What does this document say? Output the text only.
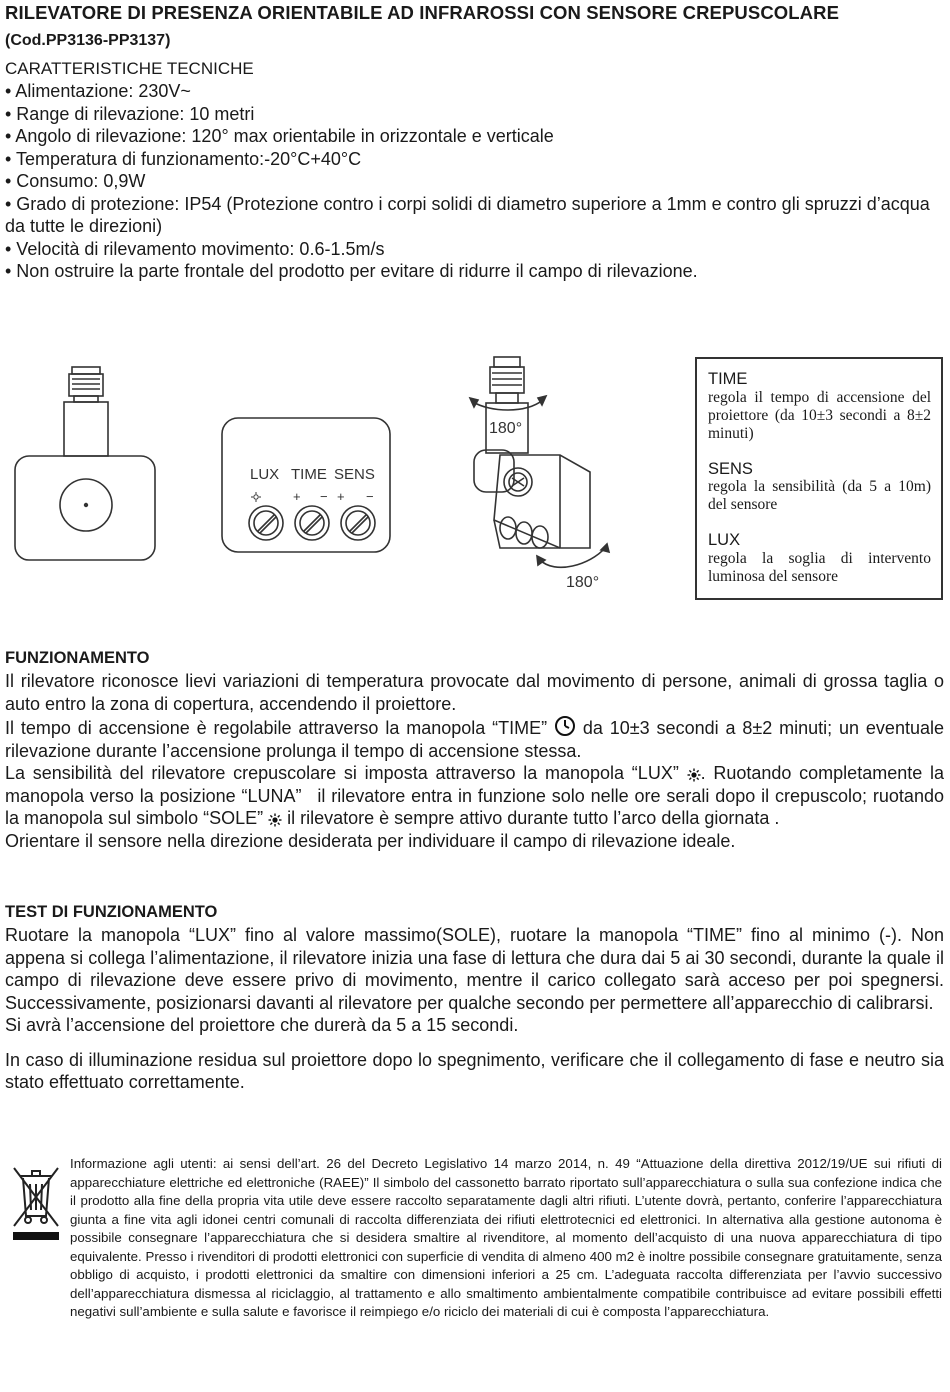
RILEVATORE DI PRESENZA ORIENTABILE AD INFRAROSSI CON SENSORE CREPUSCOLARE
(Cod.PP3136-PP3137)
CARATTERISTICHE TECNICHE
• Alimentazione: 230V~
• Range di rilevazione: 10 metri
• Angolo di rilevazione: 120° max orientabile in orizzontale e verticale
• Temperatura di funzionamento:-20°C+40°C
• Consumo: 0,9W
• Grado di protezione: IP54 (Protezione contro i corpi solidi di diametro superiore a 1mm e contro gli spruzzi d’acqua da tutte le direzioni)
• Velocità di rilevamento movimento: 0.6-1.5m/s
• Non ostruire la parte frontale del prodotto per evitare di ridurre il campo di rilevazione.
LUX TIME SENS
+ − + −
180°
180°
TIME
regola il tempo di accensione del proiettore (da 10±3 secondi a 8±2 minuti)
SENS
regola la sensibilità (da 5 a 10m) del sensore
LUX
regola la soglia di intervento luminosa del sensore
FUNZIONAMENTO

Il rilevatore riconosce lievi variazioni di temperatura provocate dal movimento di persone, animali di grossa taglia o auto entro la zona di copertura, accendendo il proiettore.

Il tempo di accensione è regolabile attraverso la manopola “TIME”  da 10±3 secondi a 8±2 minuti; un eventuale rilevazione durante l’accensione prolunga il tempo di accensione stessa.

La sensibilità del rilevatore crepuscolare si imposta attraverso la manopola “LUX” . Ruotando completamente la manopola verso la posizione “LUNA” il rilevatore entra in funzione solo nelle ore serali dopo il crepuscolo; ruotando la manopola sul simbolo “SOLE”  il rilevatore è sempre attivo durante tutto l’arco della giornata .

Orientare il sensore nella direzione desiderata per individuare il campo di rilevazione ideale.

TEST DI FUNZIONAMENTO

Ruotare la manopola “LUX” fino al valore massimo(SOLE), ruotare la manopola “TIME” fino al minimo (-). Non appena si collega l’alimentazione, il rilevatore inizia una fase di lettura che dura dai 5 ai 30 secondi, durante la quale il campo di rilevazione deve essere privo di movimento, mentre il carico collegato sarà acceso per poi spegnersi. Successivamente, posizionarsi davanti al rilevatore per qualche secondo per permettere all’apparecchio di calibrarsi.

Si avrà l’accensione del proiettore che durerà da 5 a 15 secondi.

In caso di illuminazione residua sul proiettore dopo lo spegnimento, verificare che il collegamento di fase e neutro sia stato effettuato correttamente.

Informazione agli utenti: ai sensi dell’art. 26 del Decreto Legislativo 14 marzo 2014, n. 49 “Attuazione della direttiva 2012/19/UE sui rifiuti di apparecchiature elettriche ed elettroniche (RAEE)” Il simbolo del cassonetto barrato riportato sull’apparecchiatura o sulla sua confezione indica che il prodotto alla fine della propria vita utile deve essere raccolto separatamente dagli altri rifiuti. L’utente dovrà, pertanto, conferire l’apparecchiatura giunta a fine vita agli idonei centri comunali di raccolta differenziata dei rifiuti elettrotecnici ed elettronici. In alternativa alla gestione autonoma è possibile consegnare l’apparecchiatura che si desidera smaltire al rivenditore, al momento dell’acquisto di una nuova apparecchiatura di tipo equivalente. Presso i rivenditori di prodotti elettronici con superficie di vendita di almeno 400 m2 è inoltre possibile consegnare gratuitamente, senza obbligo di acquisto, i prodotti elettronici da smaltire con dimensioni inferiori a 25 cm. L’adeguata raccolta differenziata per l’avvio successivo dell’apparecchiatura dismessa al riciclaggio, al trattamento e allo smaltimento ambientalmente compatibile contribuisce ad evitare possibili effetti negativi sull’ambiente e sulla salute e favorisce il reimpiego e/o riciclo dei materiali di cui è composta l’apparecchiatura.
